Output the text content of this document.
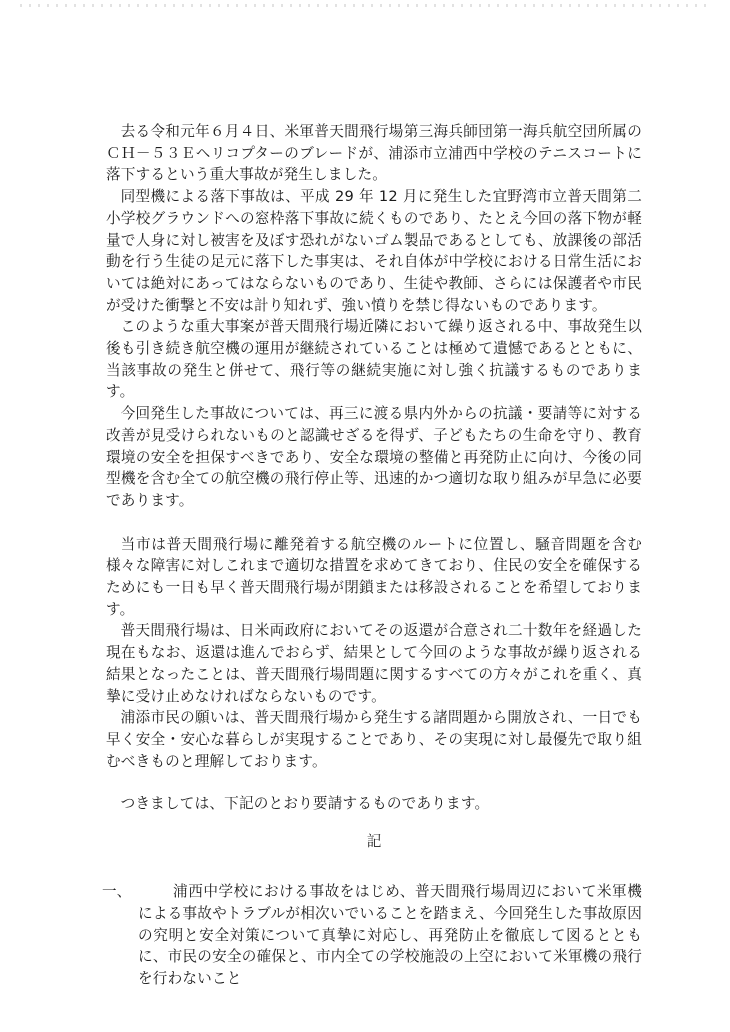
去る令和元年６月４日、米軍普天間飛行場第三海兵師団第一海兵航空団所属のＣＨ－５３Ｅヘリコプターのブレードが、浦添市立浦西中学校のテニスコートに落下するという重大事故が発生しました。

同型機による落下事故は、平成 29 年 12 月に発生した宜野湾市立普天間第二小学校グラウンドへの窓枠落下事故に続くものであり、たとえ今回の落下物が軽量で人身に対し被害を及ぼす恐れがないゴム製品であるとしても、放課後の部活動を行う生徒の足元に落下した事実は、それ自体が中学校における日常生活においては絶対にあってはならないものであり、生徒や教師、さらには保護者や市民が受けた衝撃と不安は計り知れず、強い憤りを禁じ得ないものであります。

このような重大事案が普天間飛行場近隣において繰り返される中、事故発生以後も引き続き航空機の運用が継続されていることは極めて遺憾であるとともに、当該事故の発生と併せて、飛行等の継続実施に対し強く抗議するものであります。

今回発生した事故については、再三に渡る県内外からの抗議・要請等に対する改善が見受けられないものと認識せざるを得ず、子どもたちの生命を守り、教育環境の安全を担保すべきであり、安全な環境の整備と再発防止に向け、今後の同型機を含む全ての航空機の飛行停止等、迅速的かつ適切な取り組みが早急に必要であります。

当市は普天間飛行場に離発着する航空機のルートに位置し、騒音問題を含む様々な障害に対しこれまで適切な措置を求めてきており、住民の安全を確保するためにも一日も早く普天間飛行場が閉鎖または移設されることを希望しております。

普天間飛行場は、日米両政府においてその返還が合意され二十数年を経過した現在もなお、返還は進んでおらず、結果として今回のような事故が繰り返される結果となったことは、普天間飛行場問題に関するすべての方々がこれを重く、真摯に受け止めなければならないものです。

浦添市民の願いは、普天間飛行場から発生する諸問題から開放され、一日でも早く安全・安心な暮らしが実現することであり、その実現に対し最優先で取り組むべきものと理解しております。

つきましては、下記のとおり要請するものであります。

記

一、	浦西中学校における事故をはじめ、普天間飛行場周辺において米軍機による事故やトラブルが相次いでいることを踏まえ、今回発生した事故原因の究明と安全対策について真摯に対応し、再発防止を徹底して図るとともに、市民の安全の確保と、市内全ての学校施設の上空において米軍機の飛行を行わないこと
